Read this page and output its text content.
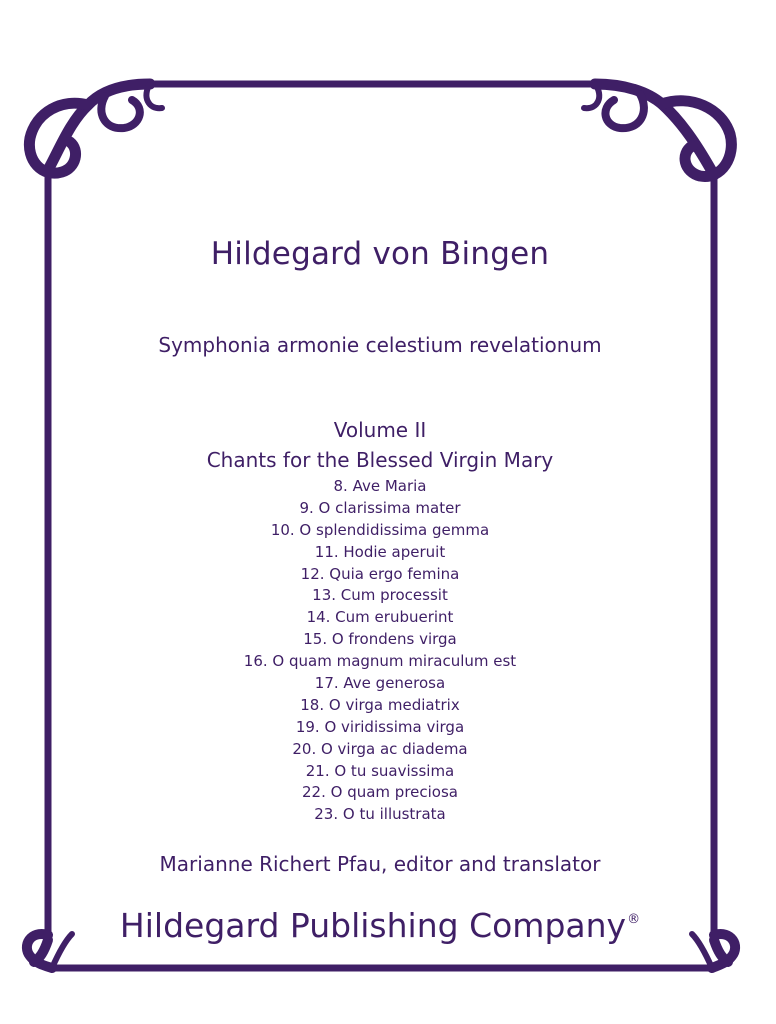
Hildegard von Bingen
Symphonia armonie celestium revelationum
Volume II
Chants for the Blessed Virgin Mary
8. Ave Maria
9. O clarissima mater
10. O splendidissima gemma
11. Hodie aperuit
12. Quia ergo femina
13. Cum processit
14. Cum erubuerint
15. O frondens virga
16. O quam magnum miraculum est
17. Ave generosa
18. O virga mediatrix
19. O viridissima virga
20. O virga ac diadema
21. O tu suavissima
22. O quam preciosa
23. O tu illustrata
Marianne Richert Pfau, editor and translator
Hildegard Publishing Company®
